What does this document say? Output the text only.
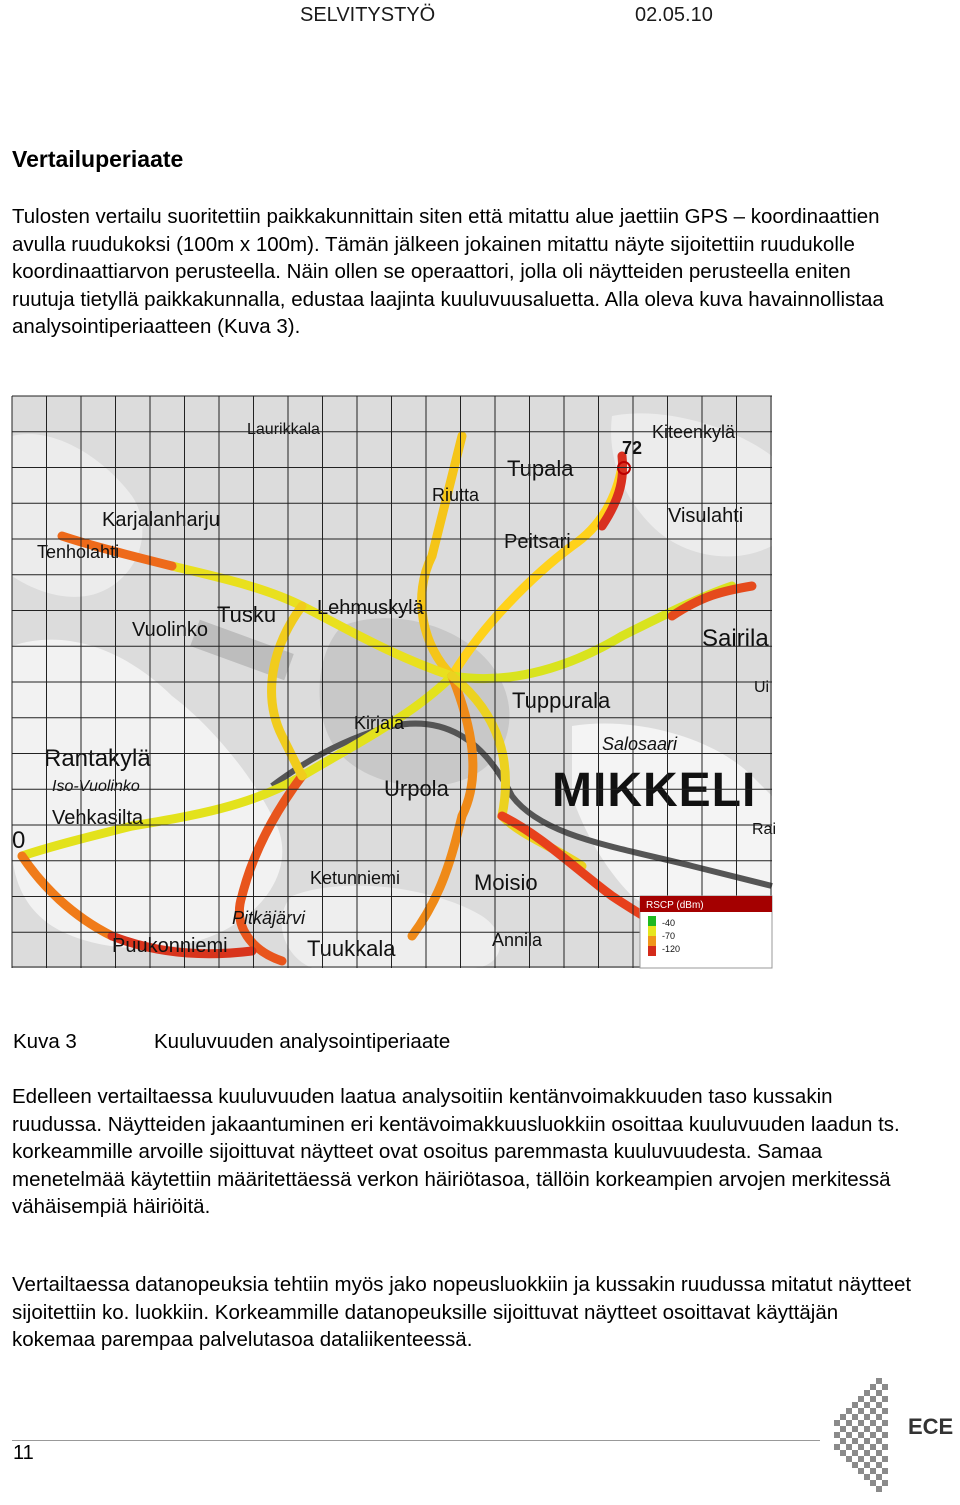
SELVITYSTYÖ	02.05.10
Vertailuperiaate

Tulosten vertailu suoritettiin paikkakunnittain siten että mitattu alue jaettiin GPS – koordinaattien avulla ruudukoksi (100m x 100m). Tämän jälkeen jokainen mitattu näyte sijoitettiin ruudukolle koordinaattiarvon perusteella. Näin ollen se operaattori, jolla oli näytteiden perusteella eniten ruutuja tietyllä paikkakunnalla, edustaa laajinta kuuluvuusaluetta. Alla oleva kuva havainnollistaa analysointiperiaatteen (Kuva 3).

72
Laurikkala	Kiteenkylä
Tupala
Riutta
Visulahti
Karjalanharju
Tenholahti	Peitsari
Tusku Lehmuskylä
Vuolinko	Sairila
Tuppurala
Kirjala
Salosaari
Rantakylä
Iso-Vuolinko
Vehkasilta
Urpola MIKKELI
Ketunniemi	Moisio
Pitkäjärvi
Puukonniemi	Tuukkala	Annila
Ui
Rai
0
RSCP (dBm)
-40
-70
-120
Kuva 3	Kuuluvuuden analysointiperiaate

Edelleen vertailtaessa kuuluvuuden laatua analysoitiin kentänvoimakkuuden taso kussakin ruudussa. Näytteiden jakaantuminen eri kentävoimakkuusluokkiin osoittaa kuuluvuuden laadun ts. korkeammille arvoille sijoittuvat näytteet ovat osoitus paremmasta kuuluvuudesta. Samaa menetelmää käytettiin määritettäessä verkon häiriötasoa, tällöin korkeampien arvojen merkitessä vähäisempiä häiriöitä.

Vertailtaessa datanopeuksia tehtiin myös jako nopeusluokkiin ja kussakin ruudussa mitatut näytteet sijoitettiin ko. luokkiin. Korkeammille datanopeuksille sijoittuvat näytteet osoittavat käyttäjän kokemaa parempaa palvelutasoa dataliikenteessä.

11
ECE
